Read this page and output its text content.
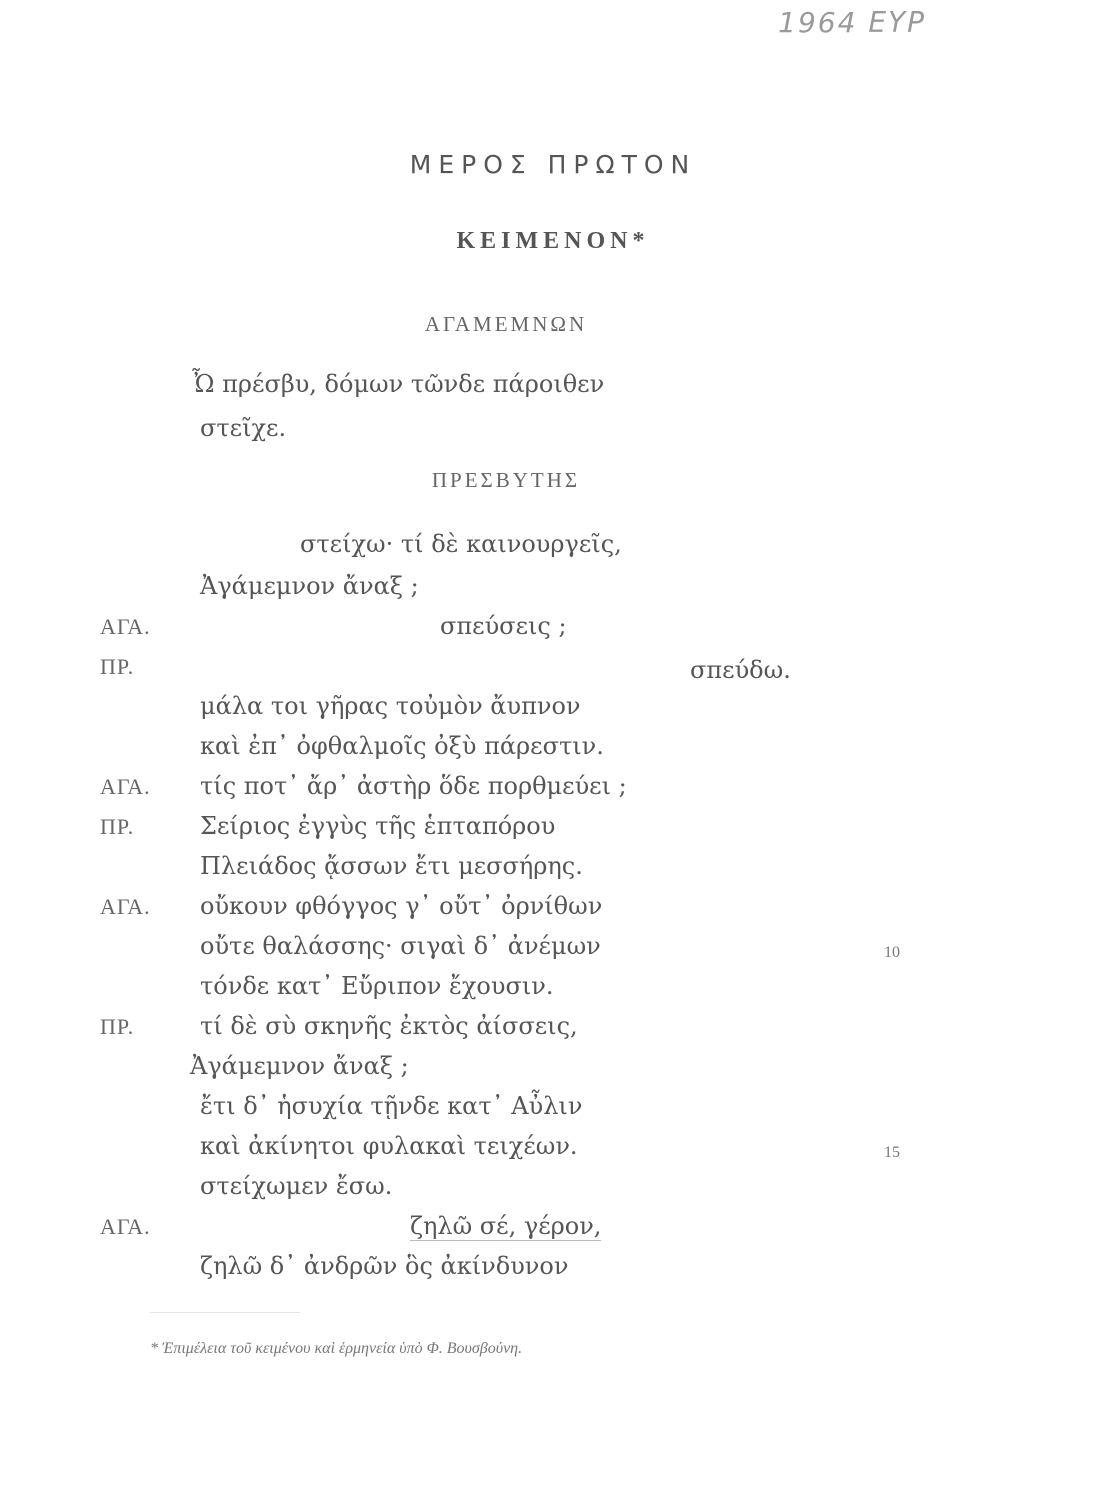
1964 ΕΥΡ
ΜΕΡΟΣ ΠΡΩΤΟΝ
ΚΕΙΜΕΝΟΝ*
ΑΓΑΜΕΜΝΩΝ
Ὦ πρέσβυ, δόμων τῶνδε πάροιθεν
στεῖχε.
ΠΡΕΣΒΥΤΗΣ
στείχω· τί δὲ καινουργεῖς,
Ἀγάμεμνον ἄναξ ;
ΑΓΑ.	σπεύσεις ;
ΠΡ.	σπεύδω.
μάλα τοι γῆρας τοὐμὸν ἄυπνον
καὶ ἐπ᾽ ὀφθαλμοῖς ὀξὺ πάρεστιν.
ΑΓΑ. τίς ποτ᾽ ἄρ᾽ ἀστὴρ ὅδε πορθμεύει ;
ΠΡ.	Σείριος ἐγγὺς τῆς ἑπταπόρου
Πλειάδος ᾄσσων ἔτι μεσσήρης.
ΑΓΑ. οὔκουν φθόγγος γ᾽ οὔτ᾽ ὀρνίθων
οὔτε θαλάσσης· σιγαὶ δ᾽ ἀνέμων	10
τόνδε κατ᾽ Εὔριπον ἔχουσιν.
ΠΡ.	τί δὲ σὺ σκηνῆς ἐκτὸς ἀίσσεις,
Ἀγάμεμνον ἄναξ ;
ἔτι δ᾽ ἡσυχία τῇνδε κατ᾽ Αὖλιν
καὶ ἀκίνητοι φυλακαὶ τειχέων.	15
στείχωμεν ἔσω.
ΑΓΑ.	ζηλῶ σέ, γέρον,
ζηλῶ δ᾽ ἀνδρῶν ὃς ἀκίνδυνον
* Ἐπιμέλεια τοῦ κειμένου καὶ ἑρμηνεία ὑπὸ Φ. Βουσβούνη.
